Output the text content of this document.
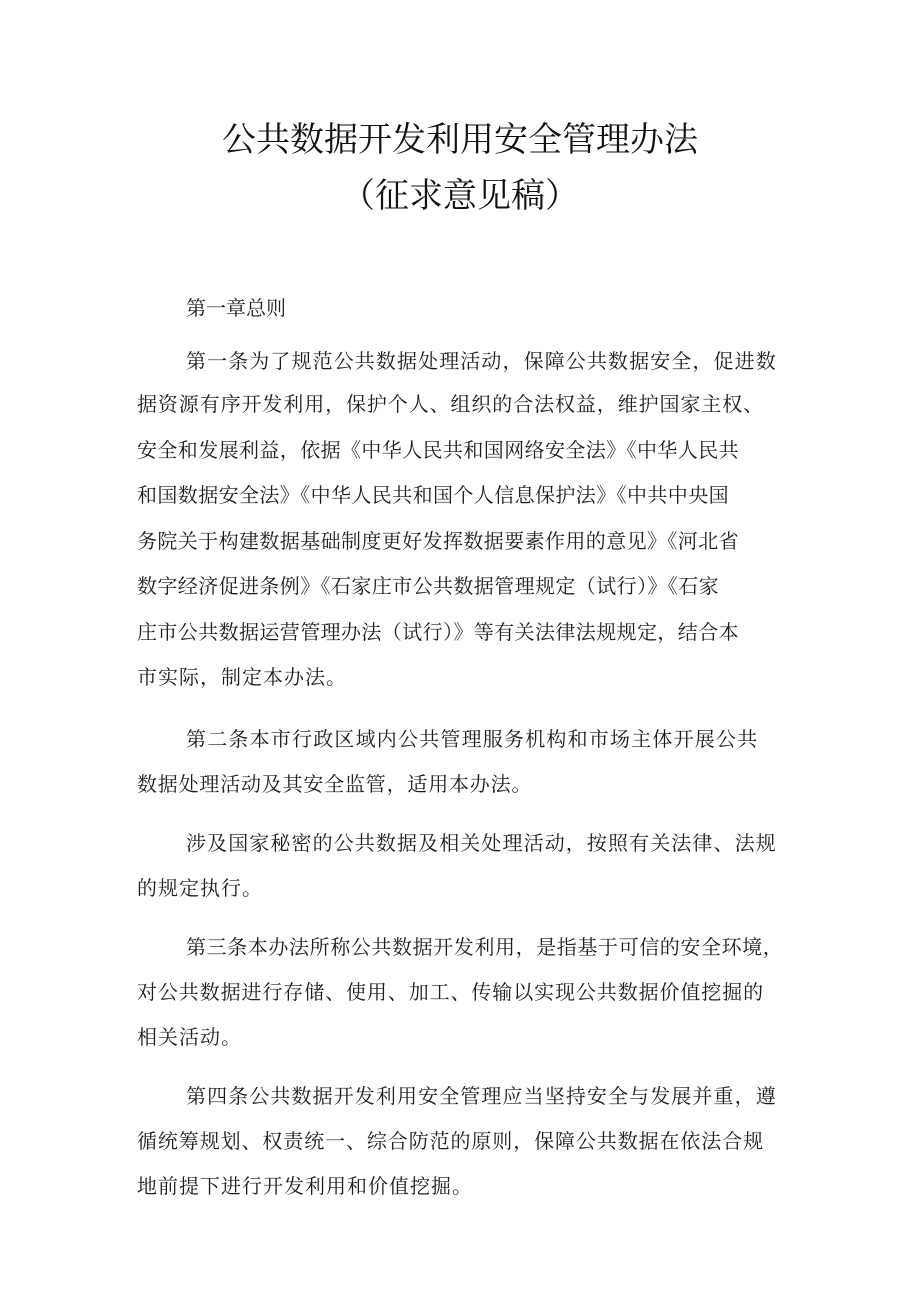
公共数据开发利用安全管理办法
（征求意见稿）
第一章总则
第一条为了规范公共数据处理活动，保障公共数据安全，促进数
据资源有序开发利用，保护个人、组织的合法权益，维护国家主权、
安全和发展利益，依据《中华人民共和国网络安全法》《中华人民共
和国数据安全法》《中华人民共和国个人信息保护法》《中共中央国
务院关于构建数据基础制度更好发挥数据要素作用的意见》《河北省
数字经济促进条例》《石家庄市公共数据管理规定（试行）》《石家
庄市公共数据运营管理办法（试行）》等有关法律法规规定，结合本
市实际，制定本办法。
第二条本市行政区域内公共管理服务机构和市场主体开展公共
数据处理活动及其安全监管，适用本办法。
涉及国家秘密的公共数据及相关处理活动，按照有关法律、法规
的规定执行。
第三条本办法所称公共数据开发利用，是指基于可信的安全环境，
对公共数据进行存储、使用、加工、传输以实现公共数据价值挖掘的
相关活动。
第四条公共数据开发利用安全管理应当坚持安全与发展并重，遵
循统筹规划、权责统一、综合防范的原则，保障公共数据在依法合规
地前提下进行开发利用和价值挖掘。
